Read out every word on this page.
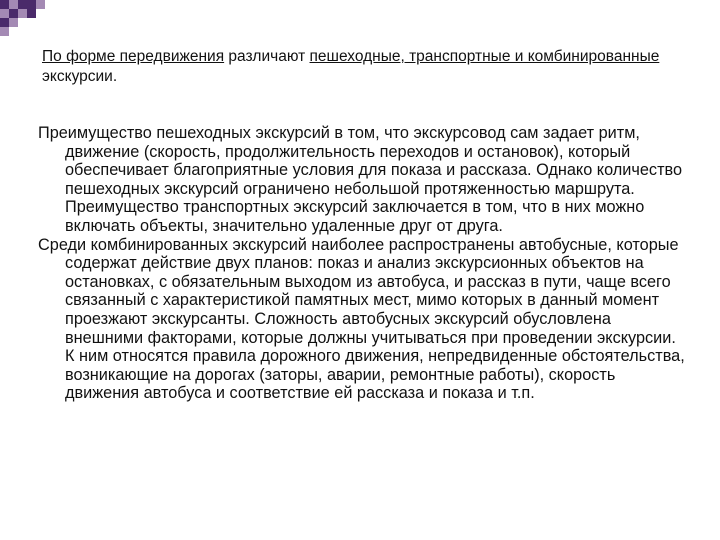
По форме передвижения различают пешеходные, транспортные и комбинированные экскурсии.

Преимущество пешеходных экскурсий в том, что экскурсовод сам задает ритм, движение (скорость, продолжительность переходов и остановок), который обеспечивает благоприятные условия для показа и рассказа. Однако количество пешеходных экскурсий ограничено небольшой протяженностью маршрута. Преимущество транспортных экскурсий заключается в том, что в них можно включать объекты, значительно удаленные друг от друга.

Среди комбинированных экскурсий наиболее распространены автобусные, которые содержат действие двух планов: показ и анализ экскурсионных объектов на остановках, с обязательным выходом из автобуса, и рассказ в пути, чаще всего связанный с характеристикой памятных мест, мимо которых в данный момент проезжают экскурсанты. Сложность автобусных экскурсий обусловлена внешними факторами, которые должны учитываться при проведении экскурсии. К ним относятся правила дорожного движения, непредвиденные обстоятельства, возникающие на дорогах (заторы, аварии, ремонтные работы), скорость движения автобуса и соответствие ей рассказа и показа и т.п.
